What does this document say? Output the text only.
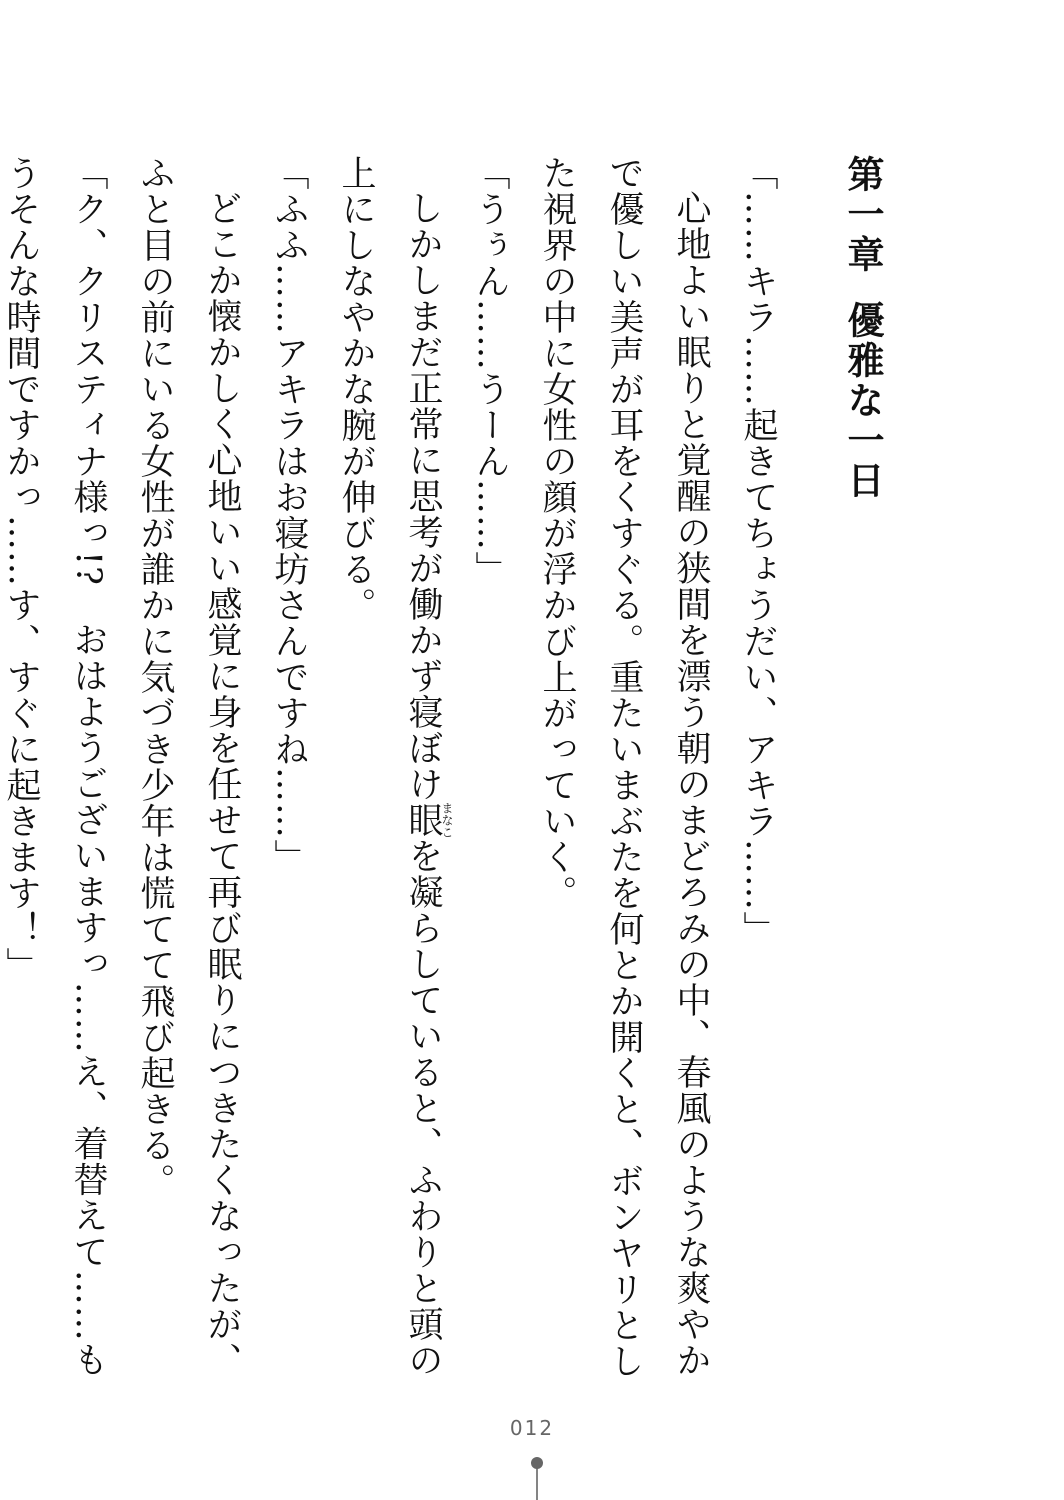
第一章優雅な一日

「……キラ……起きてちょうだい、アキラ……」

心地よい眠りと覚醒の狭間を漂う朝のまどろみの中、春風のような爽やかで優しい美声が耳をくすぐる。重たいまぶたを何とか開くと、ボンヤリとした視界の中に女性の顔が浮かび上がっていく。

「うぅん……うーん……」

しかしまだ正常に思考が働かず寝ぼけ眼まなこを凝らしていると、ふわりと頭の上にしなやかな腕が伸びる。

「ふふ……アキラはお寝坊さんですね……」

どこか懐かしく心地いい感覚に身を任せて再び眠りにつきたくなったが、ふと目の前にいる女性が誰かに気づき少年は慌てて飛び起きる。

「ク、クリスティナ様っ!?　おはようございますっ……え、着替えて……もうそんな時間ですかっ……す、すぐに起きます！」

012
